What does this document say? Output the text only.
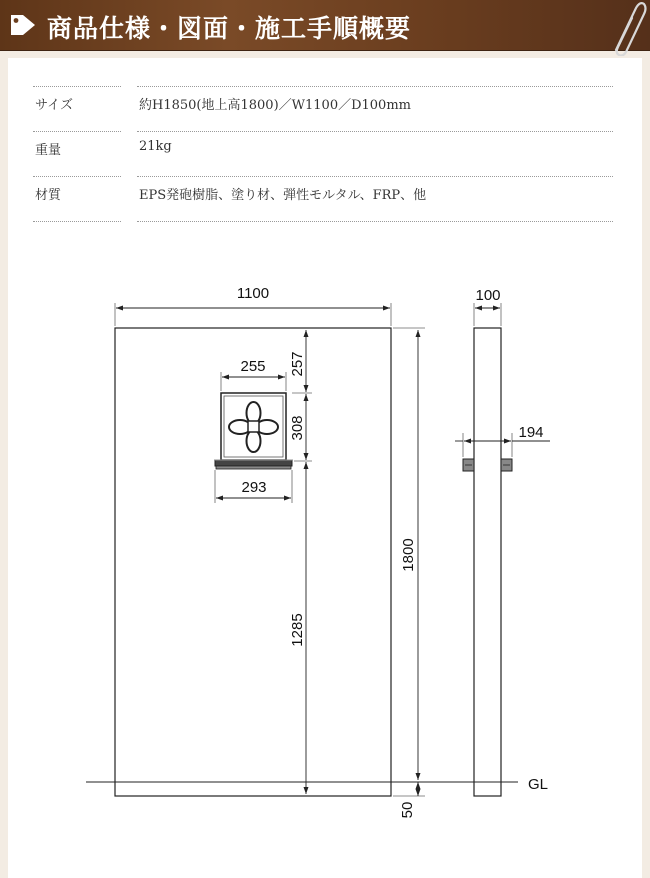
商品仕様・図面・施工手順概要
サイズ	約H1850(地上高1800)／W1100／D100mm
重量	21kg
材質	EPS発砲樹脂、塗り材、弾性モルタル、FRP、他
1100
255
293
257
308
1285
1800
50
100
194
GL
